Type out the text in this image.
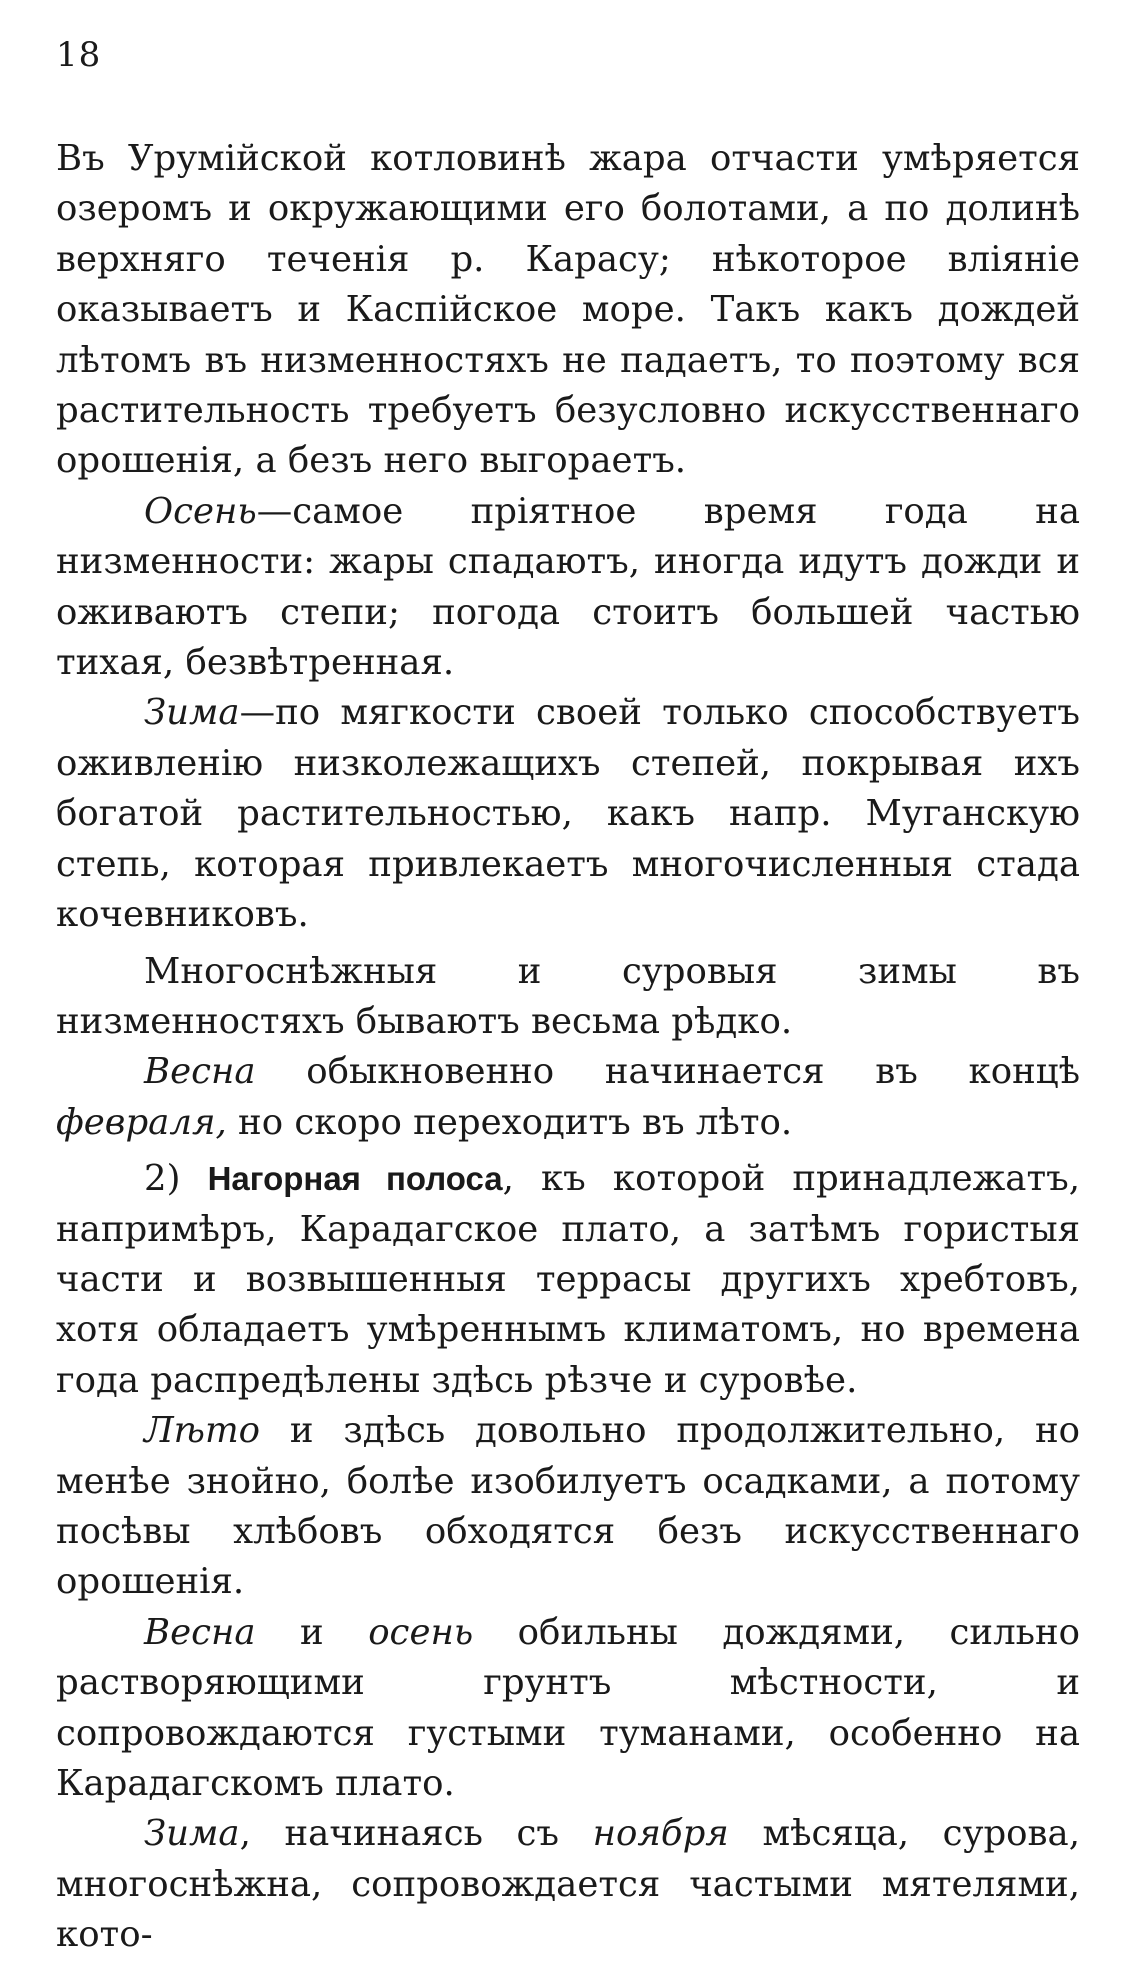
18

Въ Урумійской котловинѣ жара отчасти умѣряется озеромъ и окружающими его болотами, а по долинѣ верхняго теченія р. Карасу; нѣкоторое вліяніе оказываетъ и Каспійское море. Такъ какъ дождей лѣтомъ въ низменностяхъ не падаетъ, то поэтому вся растительность требуетъ безусловно искусственнаго орошенія, а безъ него выгораетъ.

Осень—самое пріятное время года на низменности: жары спадаютъ, иногда идутъ дожди и оживаютъ степи; погода стоитъ большей частью тихая, безвѣтренная.

Зима—по мягкости своей только способствуетъ оживленію низколежащихъ степей, покрывая ихъ богатой растительностью, какъ напр. Муганскую степь, которая привлекаетъ многочисленныя стада кочевниковъ.

Многоснѣжныя и суровыя зимы въ низменностяхъ бываютъ весьма рѣдко.

Весна обыкновенно начинается въ концѣ февраля, но скоро переходитъ въ лѣто.

2) Нагорная полоса, къ которой принадлежатъ, напримѣръ, Карадагское плато, а затѣмъ гористыя части и возвышенныя террасы другихъ хребтовъ, хотя обладаетъ умѣреннымъ климатомъ, но времена года распредѣлены здѣсь рѣзче и суровѣе.

Лѣто и здѣсь довольно продолжительно, но менѣе знойно, болѣе изобилуетъ осадками, а потому посѣвы хлѣбовъ обходятся безъ искусственнаго орошенія.

Весна и осень обильны дождями, сильно растворяющими грунтъ мѣстности, и сопровождаются густыми туманами, особенно на Карадагскомъ плато.

Зима, начинаясь съ ноября мѣсяца, сурова, многоснѣжна, сопровождается частыми мятелями, кото-
